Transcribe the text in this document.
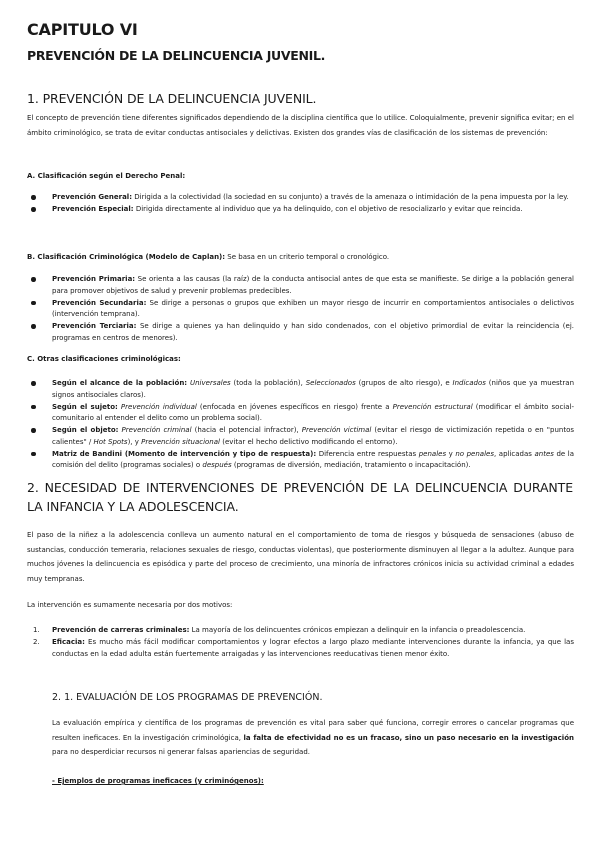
CAPITULO VI
PREVENCIÓN DE LA DELINCUENCIA JUVENIL.
1. PREVENCIÓN DE LA DELINCUENCIA JUVENIL.

El concepto de prevención tiene diferentes significados dependiendo de la disciplina científica que lo utilice. Coloquialmente, prevenir significa evitar; en el ámbito criminológico, se trata de evitar conductas antisociales y delictivas. Existen dos grandes vías de clasificación de los sistemas de prevención:

A. Clasificación según el Derecho Penal:

Prevención General: Dirigida a la colectividad (la sociedad en su conjunto) a través de la amenaza o intimidación de la pena impuesta por la ley.
Prevención Especial: Dirigida directamente al individuo que ya ha delinquido, con el objetivo de resocializarlo y evitar que reincida.

B. Clasificación Criminológica (Modelo de Caplan): Se basa en un criterio temporal o cronológico.

Prevención Primaria: Se orienta a las causas (la raíz) de la conducta antisocial antes de que esta se manifieste. Se dirige a la población general para promover objetivos de salud y prevenir problemas predecibles.
Prevención Secundaria: Se dirige a personas o grupos que exhiben un mayor riesgo de incurrir en comportamientos antisociales o delictivos (intervención temprana).
Prevención Terciaria: Se dirige a quienes ya han delinquido y han sido condenados, con el objetivo primordial de evitar la reincidencia (ej. programas en centros de menores).

C. Otras clasificaciones criminológicas:

Según el alcance de la población: Universales (toda la población), Seleccionados (grupos de alto riesgo), e Indicados (niños que ya muestran signos antisociales claros).
Según el sujeto: Prevención individual (enfocada en jóvenes específicos en riesgo) frente a Prevención estructural (modificar el ámbito social-comunitario al entender el delito como un problema social).
Según el objeto: Prevención criminal (hacia el potencial infractor), Prevención victimal (evitar el riesgo de victimización repetida o en "puntos calientes" / Hot Spots), y Prevención situacional (evitar el hecho delictivo modificando el entorno).
Matriz de Bandini (Momento de intervención y tipo de respuesta): Diferencia entre respuestas penales y no penales, aplicadas antes de la comisión del delito (programas sociales) o después (programas de diversión, mediación, tratamiento o incapacitación).
2. NECESIDAD DE INTERVENCIONES DE PREVENCIÓN DE LA DELINCUENCIA DURANTE LA INFANCIA Y LA ADOLESCENCIA.

El paso de la niñez a la adolescencia conlleva un aumento natural en el comportamiento de toma de riesgos y búsqueda de sensaciones (abuso de sustancias, conducción temeraria, relaciones sexuales de riesgo, conductas violentas), que posteriormente disminuyen al llegar a la adultez. Aunque para muchos jóvenes la delincuencia es episódica y parte del proceso de crecimiento, una minoría de infractores crónicos inicia su actividad criminal a edades muy tempranas.

La intervención es sumamente necesaria por dos motivos:

1. Prevención de carreras criminales: La mayoría de los delincuentes crónicos empiezan a delinquir en la infancia o preadolescencia.
2. Eficacia: Es mucho más fácil modificar comportamientos y lograr efectos a largo plazo mediante intervenciones durante la infancia, ya que las conductas en la edad adulta están fuertemente arraigadas y las intervenciones reeducativas tienen menor éxito.
2. 1. EVALUACIÓN DE LOS PROGRAMAS DE PREVENCIÓN.

La evaluación empírica y científica de los programas de prevención es vital para saber qué funciona, corregir errores o cancelar programas que resulten ineficaces. En la investigación criminológica, la falta de efectividad no es un fracaso, sino un paso necesario en la investigación para no desperdiciar recursos ni generar falsas apariencias de seguridad.

- Ejemplos de programas ineficaces (y criminógenos):
